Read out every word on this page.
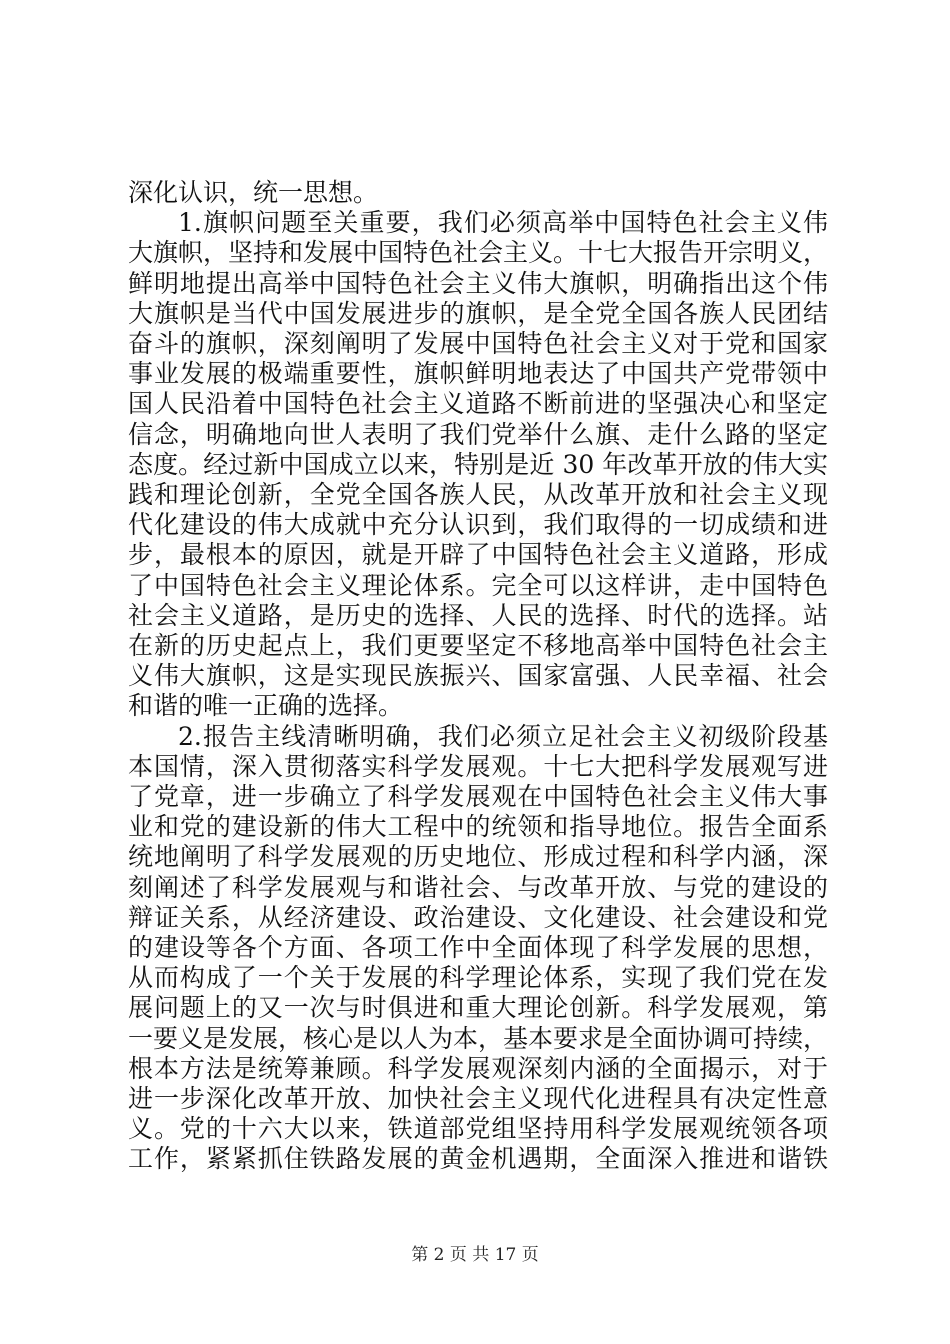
深化认识，统一思想。
1.旗帜问题至关重要，我们必须高举中国特色社会主义伟
大旗帜，坚持和发展中国特色社会主义。十七大报告开宗明义，
鲜明地提出高举中国特色社会主义伟大旗帜，明确指出这个伟
大旗帜是当代中国发展进步的旗帜，是全党全国各族人民团结
奋斗的旗帜，深刻阐明了发展中国特色社会主义对于党和国家
事业发展的极端重要性，旗帜鲜明地表达了中国共产党带领中
国人民沿着中国特色社会主义道路不断前进的坚强决心和坚定
信念，明确地向世人表明了我们党举什么旗、走什么路的坚定
态度。经过新中国成立以来，特别是近 30 年改革开放的伟大实
践和理论创新，全党全国各族人民，从改革开放和社会主义现
代化建设的伟大成就中充分认识到，我们取得的一切成绩和进
步，最根本的原因，就是开辟了中国特色社会主义道路，形成
了中国特色社会主义理论体系。完全可以这样讲，走中国特色
社会主义道路，是历史的选择、人民的选择、时代的选择。站
在新的历史起点上，我们更要坚定不移地高举中国特色社会主
义伟大旗帜，这是实现民族振兴、国家富强、人民幸福、社会
和谐的唯一正确的选择。
2.报告主线清晰明确，我们必须立足社会主义初级阶段基
本国情，深入贯彻落实科学发展观。十七大把科学发展观写进
了党章，进一步确立了科学发展观在中国特色社会主义伟大事
业和党的建设新的伟大工程中的统领和指导地位。报告全面系
统地阐明了科学发展观的历史地位、形成过程和科学内涵，深
刻阐述了科学发展观与和谐社会、与改革开放、与党的建设的
辩证关系，从经济建设、政治建设、文化建设、社会建设和党
的建设等各个方面、各项工作中全面体现了科学发展的思想，
从而构成了一个关于发展的科学理论体系，实现了我们党在发
展问题上的又一次与时俱进和重大理论创新。科学发展观，第
一要义是发展，核心是以人为本，基本要求是全面协调可持续，
根本方法是统筹兼顾。科学发展观深刻内涵的全面揭示，对于
进一步深化改革开放、加快社会主义现代化进程具有决定性意
义。党的十六大以来，铁道部党组坚持用科学发展观统领各项
工作，紧紧抓住铁路发展的黄金机遇期，全面深入推进和谐铁
第 2 页 共 17 页
